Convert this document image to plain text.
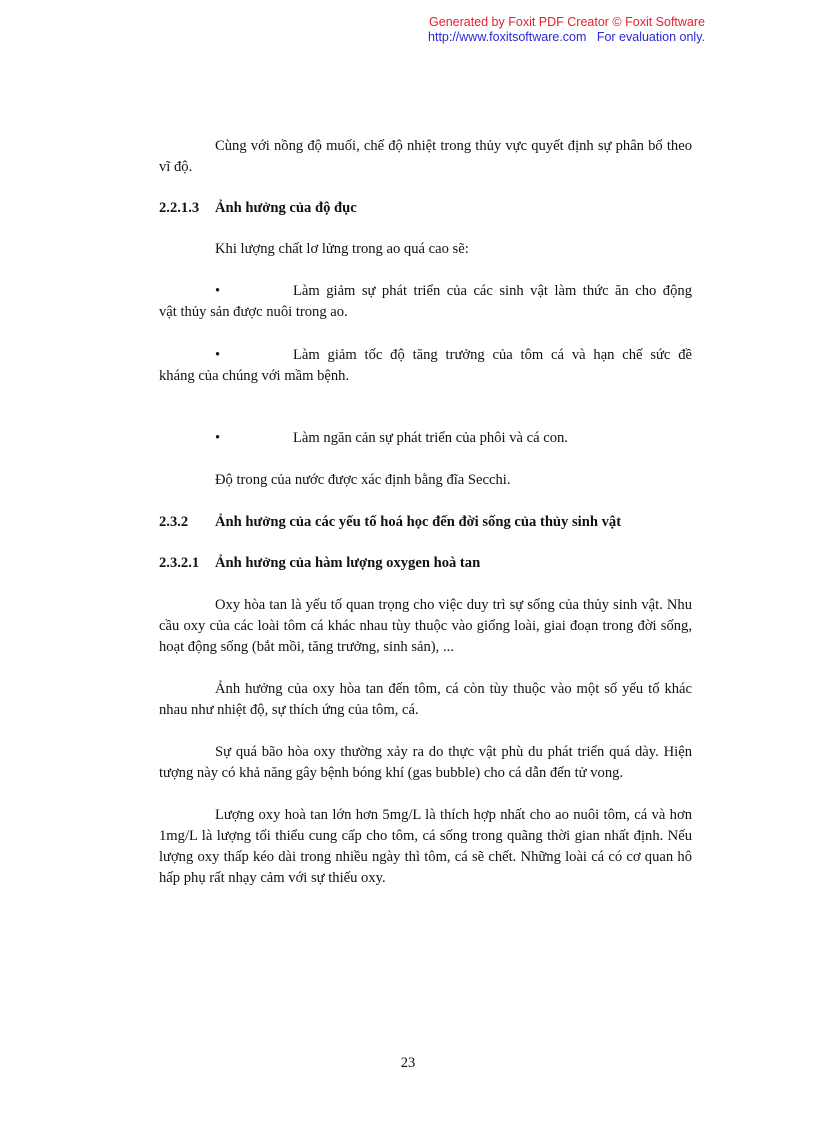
Generated by Foxit PDF Creator © Foxit Software
http://www.foxitsoftware.com For evaluation only.

Cùng với nồng độ muối, chế độ nhiệt trong thủy vực quyết định sự phân bố theo vĩ độ.

2.2.1.3	Ảnh hưởng của độ đục

Khi lượng chất lơ lửng trong ao quá cao sẽ:

•	Làm giảm sự phát triển của các sinh vật làm thức ăn cho động

vật thủy sản được nuôi trong ao.

•	Làm giảm tốc độ tăng trưởng của tôm cá và hạn chế sức đề

kháng của chúng với mầm bệnh.

•	Làm ngăn cản sự phát triển của phôi và cá con.

Độ trong của nước được xác định bằng đĩa Secchi.

2.3.2	Ảnh hưởng của các yếu tố hoá học đến đời sống của thủy sinh vật
2.3.2.1	Ảnh hưởng của hàm lượng oxygen hoà tan

Oxy hòa tan là yếu tố quan trọng cho việc duy trì sự sống của thủy sinh vật. Nhu cầu oxy của các loài tôm cá khác nhau tùy thuộc vào giống loài, giai đoạn trong đời sống, hoạt động sống (bắt mồi, tăng trưởng, sinh sản), ...

Ảnh hưởng của oxy hòa tan đến tôm, cá còn tùy thuộc vào một số yếu tố khác nhau như nhiệt độ, sự thích ứng của tôm, cá.

Sự quá bão hòa oxy thường xảy ra do thực vật phù du phát triển quá dày. Hiện tượng này có khả năng gây bệnh bóng khí (gas bubble) cho cá dẫn đến tử vong.

Lượng oxy hoà tan lớn hơn 5mg/L là thích hợp nhất cho ao nuôi tôm, cá và hơn 1mg/L là lượng tối thiểu cung cấp cho tôm, cá sống trong quãng thời gian nhất định. Nếu lượng oxy thấp kéo dài trong nhiều ngày thì tôm, cá sẽ chết. Những loài cá có cơ quan hô hấp phụ rất nhạy cảm với sự thiếu oxy.

23
